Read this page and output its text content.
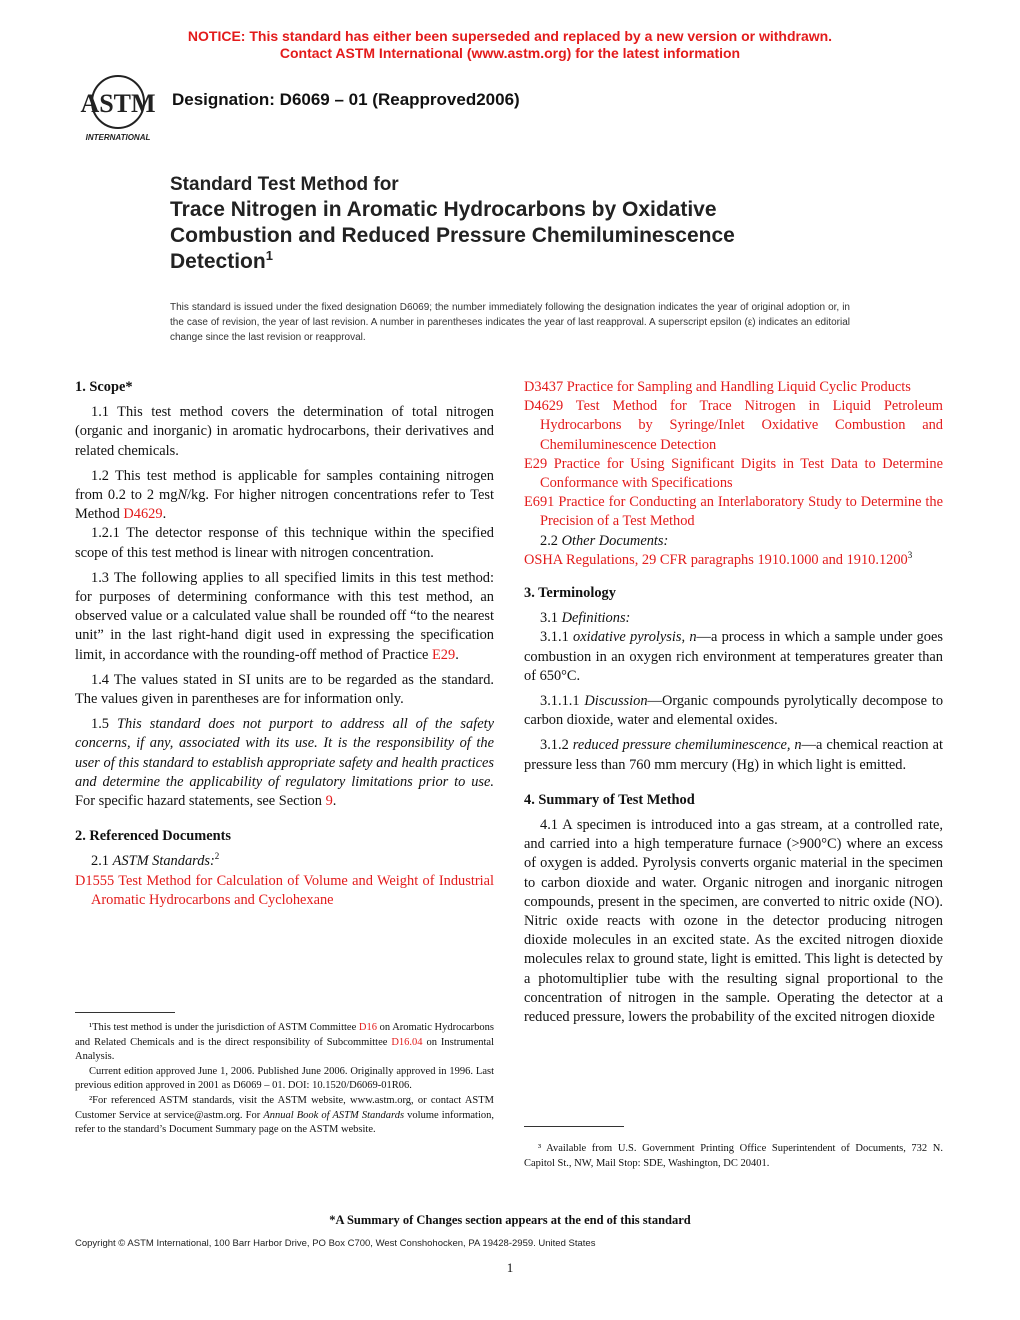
NOTICE: This standard has either been superseded and replaced by a new version or withdrawn.
Contact ASTM International (www.astm.org) for the latest information
ASTM
INTERNATIONAL
Designation: D6069 – 01 (Reapproved2006)
Standard Test Method for
Trace Nitrogen in Aromatic Hydrocarbons by Oxidative
Combustion and Reduced Pressure Chemiluminescence
Detection$^1$
This standard is issued under the fixed designation D6069; the number immediately following the designation indicates the year of original adoption or, in the case of revision, the year of last revision. A number in parentheses indicates the year of last reapproval. A superscript epsilon (ε) indicates an editorial change since the last revision or reapproval.

1. Scope*

1.1 This test method covers the determination of total nitrogen (organic and inorganic) in aromatic hydrocarbons, their derivatives and related chemicals.

1.2 This test method is applicable for samples containing nitrogen from 0.2 to 2 mgN/kg. For higher nitrogen concentrations refer to Test Method D4629.

1.2.1 The detector response of this technique within the specified scope of this test method is linear with nitrogen concentration.

1.3 The following applies to all specified limits in this test method: for purposes of determining conformance with this test method, an observed value or a calculated value shall be rounded off “to the nearest unit” in the last right-hand digit used in expressing the specification limit, in accordance with the rounding-off method of Practice E29.

1.4 The values stated in SI units are to be regarded as the standard. The values given in parentheses are for information only.

1.5 This standard does not purport to address all of the safety concerns, if any, associated with its use. It is the responsibility of the user of this standard to establish appropriate safety and health practices and determine the applicability of regulatory limitations prior to use. For specific hazard statements, see Section 9.

2. Referenced Documents

2.1 ASTM Standards:$^2$

D1555 Test Method for Calculation of Volume and Weight of Industrial Aromatic Hydrocarbons and Cyclohexane

¹This test method is under the jurisdiction of ASTM Committee D16 on Aromatic Hydrocarbons and Related Chemicals and is the direct responsibility of Subcommittee D16.04 on Instrumental Analysis.

Current edition approved June 1, 2006. Published June 2006. Originally approved in 1996. Last previous edition approved in 2001 as D6069 – 01. DOI: 10.1520/D6069-01R06.

²For referenced ASTM standards, visit the ASTM website, www.astm.org, or contact ASTM Customer Service at service@astm.org. For Annual Book of ASTM Standards volume information, refer to the standard’s Document Summary page on the ASTM website.

D3437 Practice for Sampling and Handling Liquid Cyclic Products

D4629 Test Method for Trace Nitrogen in Liquid Petroleum Hydrocarbons by Syringe/Inlet Oxidative Combustion and Chemiluminescence Detection

E29 Practice for Using Significant Digits in Test Data to Determine Conformance with Specifications

E691 Practice for Conducting an Interlaboratory Study to Determine the Precision of a Test Method

2.2 Other Documents:

OSHA Regulations, 29 CFR paragraphs 1910.1000 and 1910.1200$^3$

3. Terminology

3.1 Definitions:

3.1.1 oxidative pyrolysis, n—a process in which a sample under goes combustion in an oxygen rich environment at temperatures greater than of 650°C.

3.1.1.1 Discussion—Organic compounds pyrolytically decompose to carbon dioxide, water and elemental oxides.

3.1.2 reduced pressure chemiluminescence, n—a chemical reaction at pressure less than 760 mm mercury (Hg) in which light is emitted.

4. Summary of Test Method

4.1 A specimen is introduced into a gas stream, at a controlled rate, and carried into a high temperature furnace (>900°C) where an excess of oxygen is added. Pyrolysis converts organic material in the specimen to carbon dioxide and water. Organic nitrogen and inorganic nitrogen compounds, present in the specimen, are converted to nitric oxide (NO). Nitric oxide reacts with ozone in the detector producing nitrogen dioxide molecules in an excited state. As the excited nitrogen dioxide molecules relax to ground state, light is emitted. This light is detected by a photomultiplier tube with the resulting signal proportional to the concentration of nitrogen in the sample. Operating the detector at a reduced pressure, lowers the probability of the excited nitrogen dioxide

³ Available from U.S. Government Printing Office Superintendent of Documents, 732 N. Capitol St., NW, Mail Stop: SDE, Washington, DC 20401.

*A Summary of Changes section appears at the end of this standard
Copyright © ASTM International, 100 Barr Harbor Drive, PO Box C700, West Conshohocken, PA 19428-2959. United States
1
